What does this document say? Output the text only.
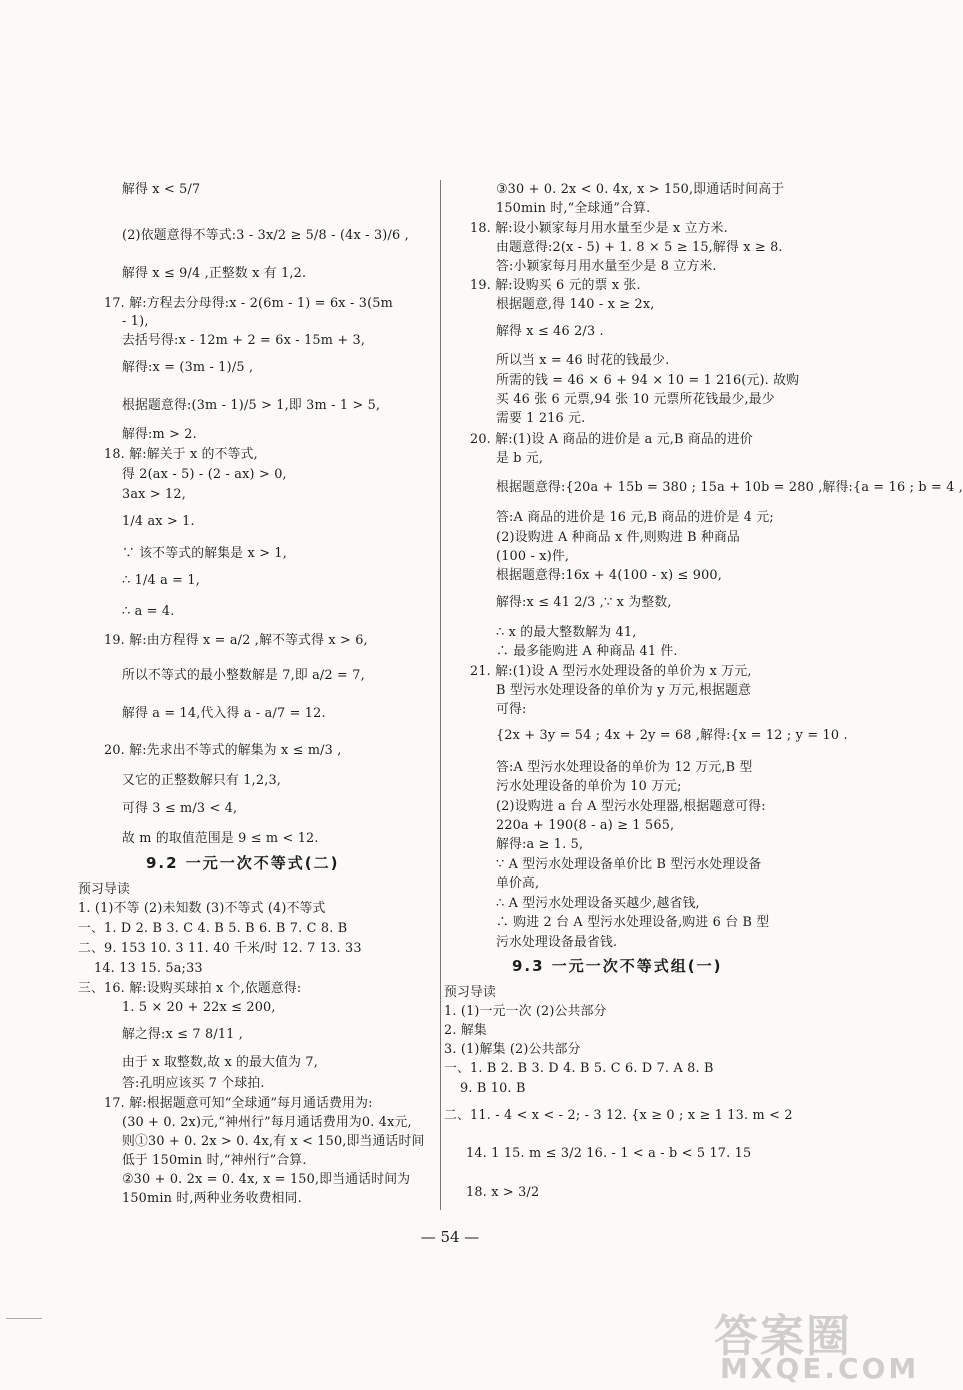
解得 x < 5/7
(2)依题意得不等式:3 - 3x/2 ≥ 5/8 - (4x - 3)/6 ,
解得 x ≤ 9/4 ,正整数 x 有 1,2.
17. 解:方程去分母得:x - 2(6m - 1) = 6x - 3(5m
- 1),
去括号得:x - 12m + 2 = 6x - 15m + 3,
解得:x = (3m - 1)/5 ,
根据题意得:(3m - 1)/5 > 1,即 3m - 1 > 5,
解得:m > 2.
18. 解:解关于 x 的不等式,
得 2(ax - 5) - (2 - ax) > 0,
3ax > 12,
1/4 ax > 1.
∵ 该不等式的解集是 x > 1,
∴ 1/4 a = 1,
∴ a = 4.
19. 解:由方程得 x = a/2 ,解不等式得 x > 6,
所以不等式的最小整数解是 7,即 a/2 = 7,
解得 a = 14,代入得 a - a/7 = 12.
20. 解:先求出不等式的解集为 x ≤ m/3 ,
又它的正整数解只有 1,2,3,
可得 3 ≤ m/3 < 4,
故 m 的取值范围是 9 ≤ m < 12.
9.2 一元一次不等式(二)
预习导读
1. (1)不等 (2)未知数 (3)不等式 (4)不等式
一、1. D 2. B 3. C 4. B 5. B 6. B 7. C 8. B
二、9. 153 10. 3 11. 40 千米/时 12. 7 13. 33
14. 13 15. 5a;33
三、16. 解:设购买球拍 x 个,依题意得:
1. 5 × 20 + 22x ≤ 200,
解之得:x ≤ 7 8/11 ,
由于 x 取整数,故 x 的最大值为 7,
答:孔明应该买 7 个球拍.
17. 解:根据题意可知“全球通”每月通话费用为:
(30 + 0. 2x)元,“神州行”每月通话费用为0. 4x元,
则①30 + 0. 2x > 0. 4x,有 x < 150,即当通话时间
低于 150min 时,“神州行”合算.
②30 + 0. 2x = 0. 4x, x = 150,即当通话时间为
150min 时,两种业务收费相同.
③30 + 0. 2x < 0. 4x, x > 150,即通话时间高于
150min 时,“全球通”合算.
18. 解:设小颖家每月用水量至少是 x 立方米.
由题意得:2(x - 5) + 1. 8 × 5 ≥ 15,解得 x ≥ 8.
答:小颖家每月用水量至少是 8 立方米.
19. 解:设购买 6 元的票 x 张.
根据题意,得 140 - x ≥ 2x,
解得 x ≤ 46 2/3 .
所以当 x = 46 时花的钱最少.
所需的钱 = 46 × 6 + 94 × 10 = 1 216(元). 故购
买 46 张 6 元票,94 张 10 元票所花钱最少,最少
需要 1 216 元.
20. 解:(1)设 A 商品的进价是 a 元,B 商品的进价
是 b 元,
根据题意得:{20a + 15b = 380 ; 15a + 10b = 280 ,解得:{a = 16 ; b = 4 ,
答:A 商品的进价是 16 元,B 商品的进价是 4 元;
(2)设购进 A 种商品 x 件,则购进 B 种商品
(100 - x)件,
根据题意得:16x + 4(100 - x) ≤ 900,
解得:x ≤ 41 2/3 ,∵ x 为整数,
∴ x 的最大整数解为 41,
∴ 最多能购进 A 种商品 41 件.
21. 解:(1)设 A 型污水处理设备的单价为 x 万元,
B 型污水处理设备的单价为 y 万元,根据题意
可得:
{2x + 3y = 54 ; 4x + 2y = 68 ,解得:{x = 12 ; y = 10 .
答:A 型污水处理设备的单价为 12 万元,B 型
污水处理设备的单价为 10 万元;
(2)设购进 a 台 A 型污水处理器,根据题意可得:
220a + 190(8 - a) ≥ 1 565,
解得:a ≥ 1. 5,
∵ A 型污水处理设备单价比 B 型污水处理设备
单价高,
∴ A 型污水处理设备买越少,越省钱,
∴ 购进 2 台 A 型污水处理设备,购进 6 台 B 型
污水处理设备最省钱.
9.3 一元一次不等式组(一)
预习导读
1. (1)一元一次 (2)公共部分
2. 解集
3. (1)解集 (2)公共部分
一、1. B 2. B 3. D 4. B 5. C 6. D 7. A 8. B
9. B 10. B
二、11. - 4 < x < - 2; - 3 12. {x ≥ 0 ; x ≥ 1 13. m < 2
14. 1 15. m ≤ 3/2 16. - 1 < a - b < 5 17. 15
18. x > 3/2
— 54 —
答案圈
MXQE.COM
